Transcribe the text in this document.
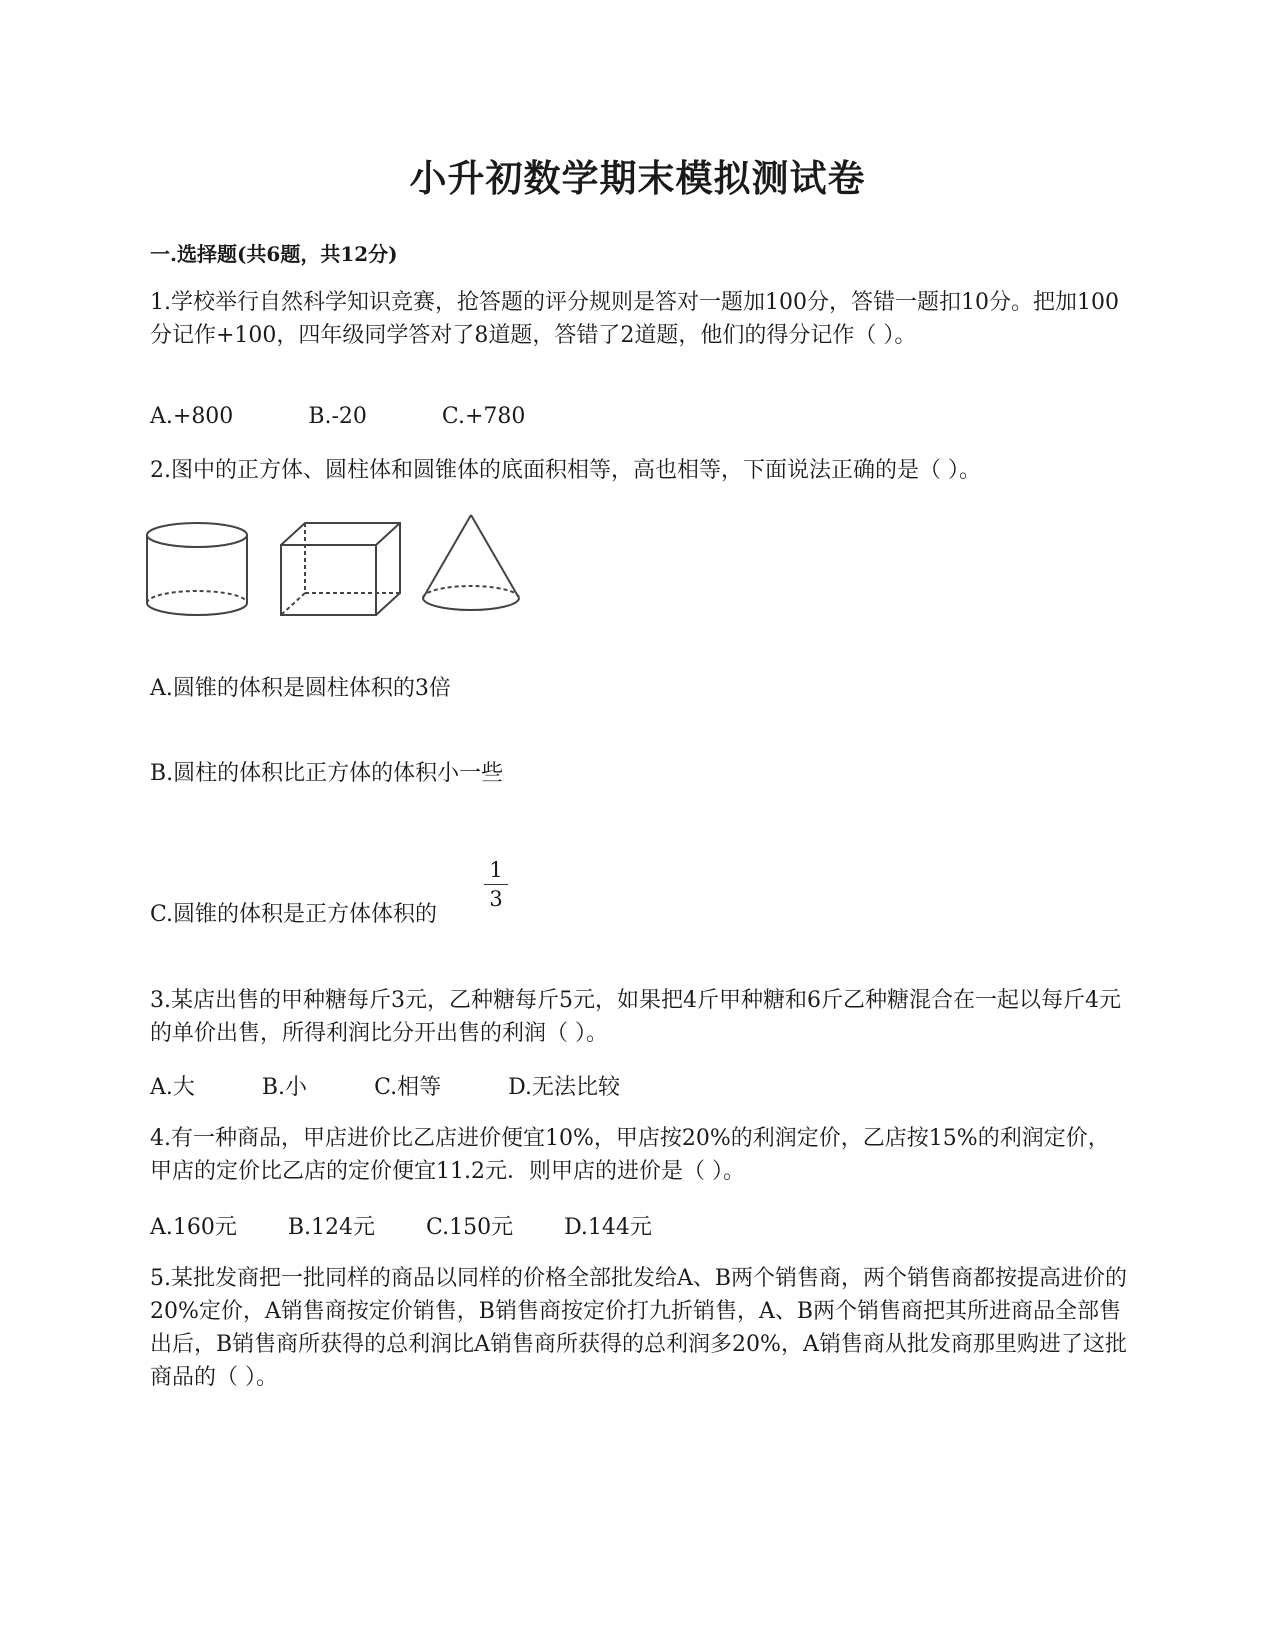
小升初数学期末模拟测试卷
一.选择题(共6题，共12分)
1.学校举行自然科学知识竞赛，抢答题的评分规则是答对一题加100分，答错一题扣10分。把加100分记作+100，四年级同学答对了8道题，答错了2道题，他们的得分记作（ ）。
A.+800	B.-20	C.+780
2.图中的正方体、圆柱体和圆锥体的底面积相等，高也相等，下面说法正确的是（ ）。
A.圆锥的体积是圆柱体积的3倍
B.圆柱的体积比正方体的体积小一些
C.圆锥的体积是正方体体积的
$\frac{1}{3}$
3.某店出售的甲种糖每斤3元，乙种糖每斤5元，如果把4斤甲种糖和6斤乙种糖混合在一起以每斤4元的单价出售，所得利润比分开出售的利润（ ）。
A.大	B.小	C.相等	D.无法比较
4.有一种商品，甲店进价比乙店进价便宜10%，甲店按20%的利润定价，乙店按15%的利润定价，甲店的定价比乙店的定价便宜11.2元．则甲店的进价是（ ）。
A.160元 B.124元 C.150元 D.144元
5.某批发商把一批同样的商品以同样的价格全部批发给A、B两个销售商，两个销售商都按提高进价的20%定价，A销售商按定价销售，B销售商按定价打九折销售，A、B两个销售商把其所进商品全部售出后，B销售商所获得的总利润比A销售商所获得的总利润多20%，A销售商从批发商那里购进了这批商品的（ ）。
